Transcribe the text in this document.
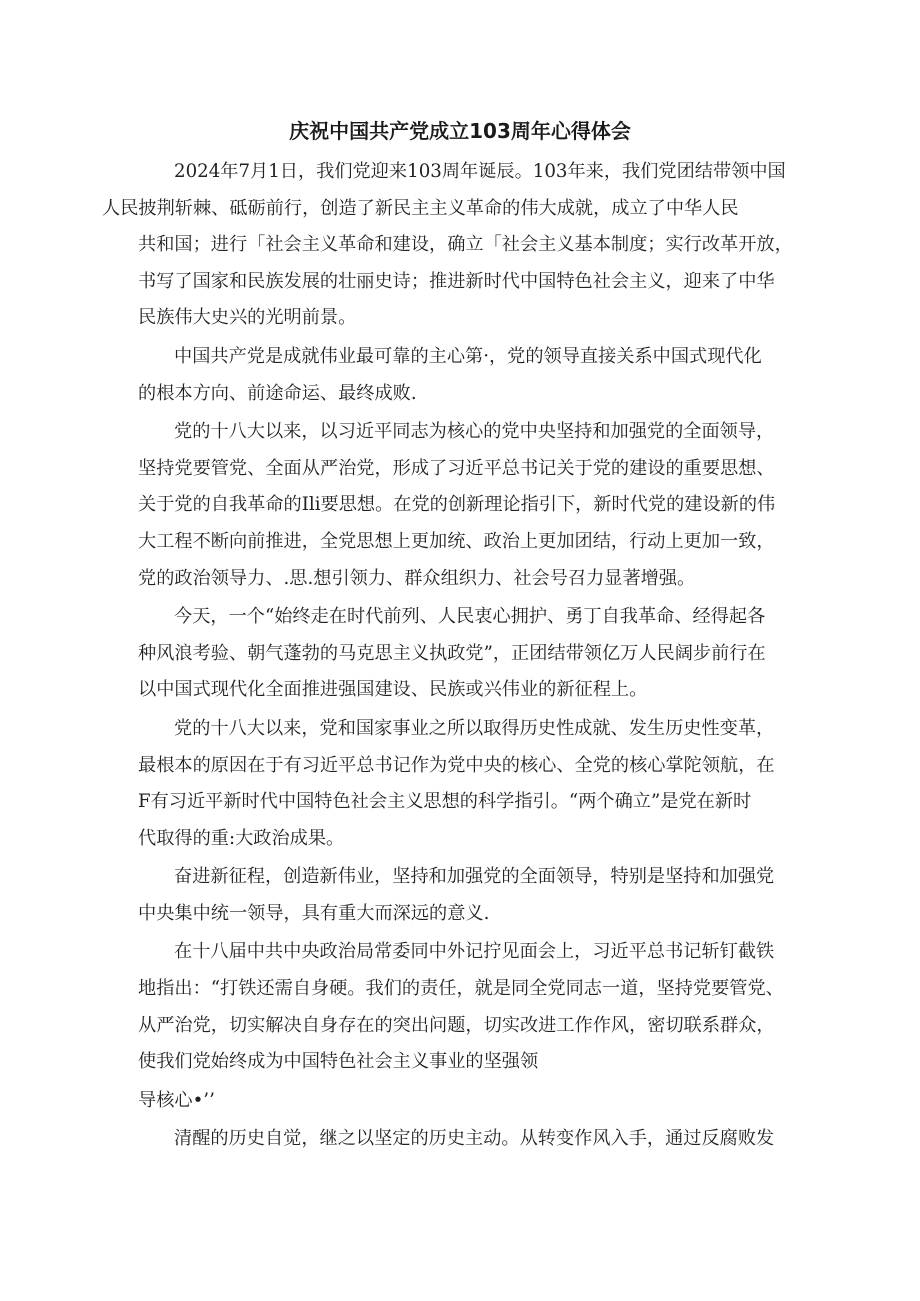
庆祝中国共产党成立103周年心得体会

2024年7月1日，我们党迎来103周年诞辰。103年来，我们党团结带领中国
人民披荆斩棘、砥砺前行，创造了新民主主义革命的伟大成就，成立了中华人民
共和国；进行「社会主义革命和建设，确立「社会主义基本制度；实行改革开放，
书写了国家和民族发展的壮丽史诗；推进新时代中国特色社会主义，迎来了中华
民族伟大史兴的光明前景。

中国共产党是成就伟业最可靠的主心第·，党的领导直接关系中国式现代化
的根本方向、前途命运、最终成败.

党的十八大以来，以习近平同志为核心的党中央坚持和加强党的全面领导，
坚持党要管党、全面从严治党，形成了习近平总书记关于党的建设的重要思想、
关于党的自我革命的Ili要思想。在党的创新理论指引下，新时代党的建设新的伟
大工程不断向前推进，全党思想上更加统、政治上更加团结，行动上更加一致，
党的政治领导力、.思.想引领力、群众组织力、社会号召力显著增强。

今天，一个“始终走在时代前列、人民衷心拥护、勇丁自我革命、经得起各
种风浪考验、朝气蓬勃的马克思主义执政党”，正团结带领亿万人民阔步前行在
以中国式现代化全面推进强国建设、民族或兴伟业的新征程上。

党的十八大以来，党和国家事业之所以取得历史性成就、发生历史性变革，
最根本的原因在于有习近平总书记作为党中央的核心、全党的核心掌陀领航，在
F有习近平新时代中国特色社会主义思想的科学指引。“两个确立”是党在新时
代取得的重:大政治成果。

奋进新征程，创造新伟业，坚持和加强党的全面领导，特别是坚持和加强党
中央集中统一领导，具有重大而深远的意义.

在十八届中共中央政治局常委同中外记拧见面会上，习近平总书记斩钉截铁
地指出：“打铁还需自身硬。我们的责任，就是同全党同志一道，坚持党要管党、
从严治党，切实解决自身存在的突出问题，切实改进工作作风，密切联系群众，
使我们党始终成为中国特色社会主义事业的坚强领

导核心•’’

清醒的历史自觉，继之以坚定的历史主动。从转变作风入手，通过反腐败发
